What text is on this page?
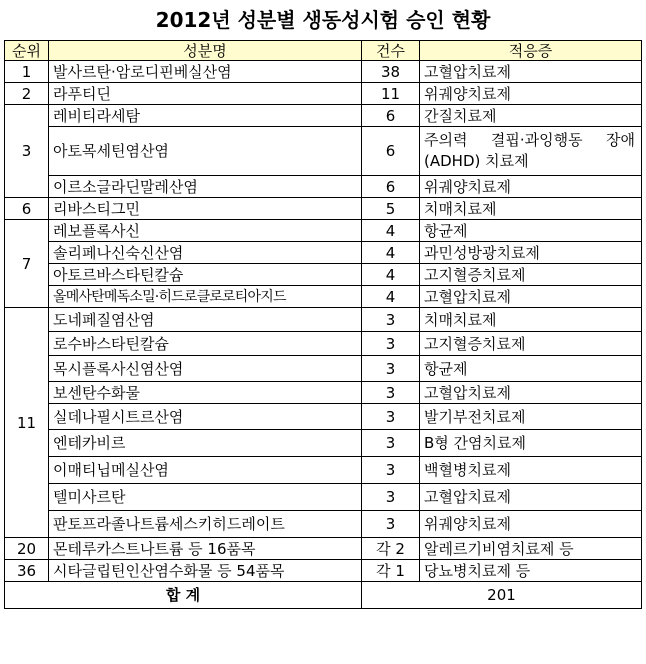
2012년 성분별 생동성시험 승인 현황
순위	성분명	건수	적응증
1	발사르탄·암로디핀베실산염	38	고혈압치료제
2	라푸티딘	11	위궤양치료제
3	레비티라세탐	6	간질치료제
	아토목세틴염산염	6	주의력 결핍·과잉행동 장애(ADHD) 치료제
	이르소글라딘말레산염	6	위궤양치료제
6	리바스티그민	5	치매치료제
7	레보플록사신	4	항균제
	솔리페나신숙신산염	4	과민성방광치료제
	아토르바스타틴칼슘	4	고지혈증치료제
	올메사탄메독소밀·히드로클로로티아지드	4	고혈압치료제
11	도네페질염산염	3	치매치료제
	로수바스타틴칼슘	3	고지혈증치료제
	목시플록사신염산염	3	항균제
	보센탄수화물	3	고혈압치료제
	실데나필시트르산염	3	발기부전치료제
	엔테카비르	3	B형 간염치료제
	이매티닙메실산염	3	백혈병치료제
	텔미사르탄	3	고혈압치료제
	판토프라졸나트륨세스키히드레이트	3	위궤양치료제
20	몬테루카스트나트륨 등 16품목	각 2	알레르기비염치료제 등
36	시타글립틴인산염수화물 등 54품목	각 1	당뇨병치료제 등
합 계		201	
